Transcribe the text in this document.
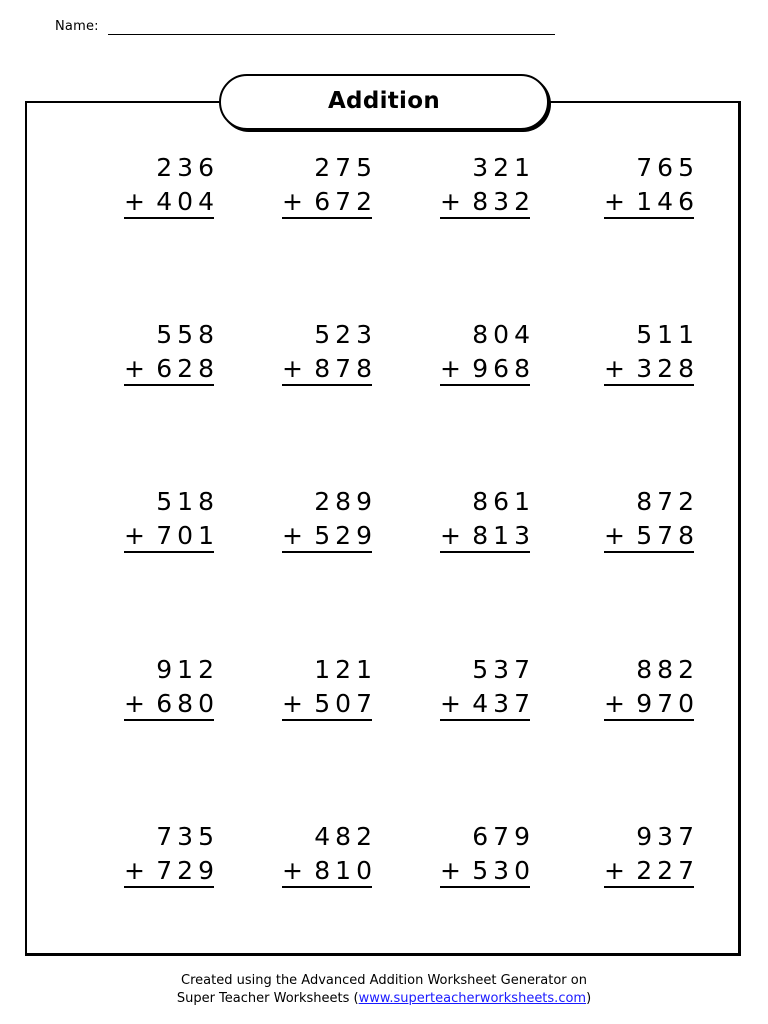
Name:
Addition
236
+ 404
275
+ 672
321
+ 832
765
+ 146
558
+ 628
523
+ 878
804
+ 968
511
+ 328
518
+ 701
289
+ 529
861
+ 813
872
+ 578
912
+ 680
121
+ 507
537
+ 437
882
+ 970
735
+ 729
482
+ 810
679
+ 530
937
+ 227
Created using the Advanced Addition Worksheet Generator on
Super Teacher Worksheets (www.superteacherworksheets.com)
